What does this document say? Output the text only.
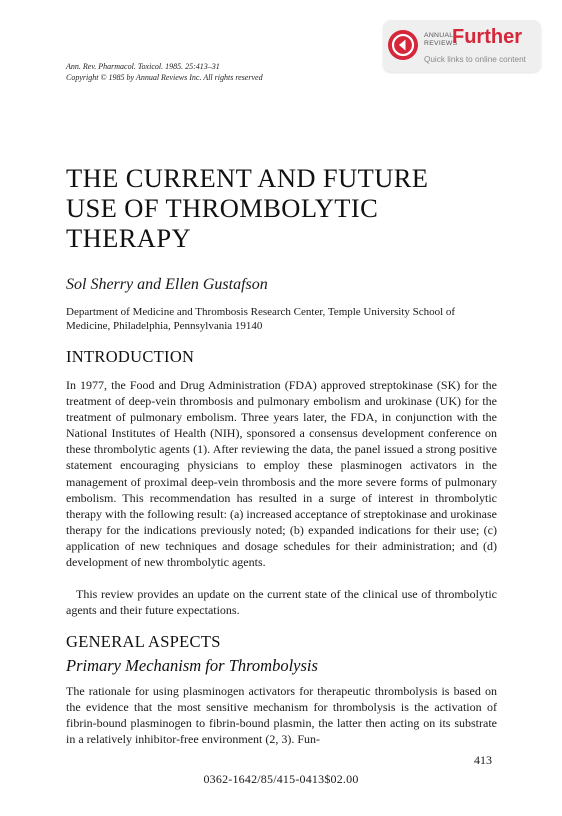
ANNUAL
REVIEWS
Further
Quick links to online content
Ann. Rev. Pharmacol. Toxicol. 1985. 25:413–31
Copyright © 1985 by Annual Reviews Inc. All rights reserved
THE CURRENT AND FUTURE
USE OF THROMBOLYTIC
THERAPY
Sol Sherry and Ellen Gustafson
Department of Medicine and Thrombosis Research Center, Temple University School of Medicine, Philadelphia, Pennsylvania 19140
INTRODUCTION

In 1977, the Food and Drug Administration (FDA) approved streptokinase (SK) for the treatment of deep-vein thrombosis and pulmonary embolism and urokinase (UK) for the treatment of pulmonary embolism. Three years later, the FDA, in conjunction with the National Institutes of Health (NIH), sponsored a consensus development conference on these thrombolytic agents (1). After reviewing the data, the panel issued a strong positive statement encouraging physicians to employ these plasminogen activators in the management of proximal deep-vein thrombosis and the more severe forms of pulmonary embolism. This recommendation has resulted in a surge of interest in thrombolytic therapy with the following result: (a) increased acceptance of streptokinase and urokinase therapy for the indications previously noted; (b) expanded indications for their use; (c) application of new techniques and dosage schedules for their administration; and (d) development of new thrombolytic agents.

This review provides an update on the current state of the clinical use of thrombolytic agents and their future expectations.

GENERAL ASPECTS
Primary Mechanism for Thrombolysis

The rationale for using plasminogen activators for therapeutic thrombolysis is based on the evidence that the most sensitive mechanism for thrombolysis is the activation of fibrin-bound plasminogen to fibrin-bound plasmin, the latter then acting on its substrate in a relatively inhibitor-free environment (2, 3). Fun-

413
0362-1642/85/415-0413$02.00
